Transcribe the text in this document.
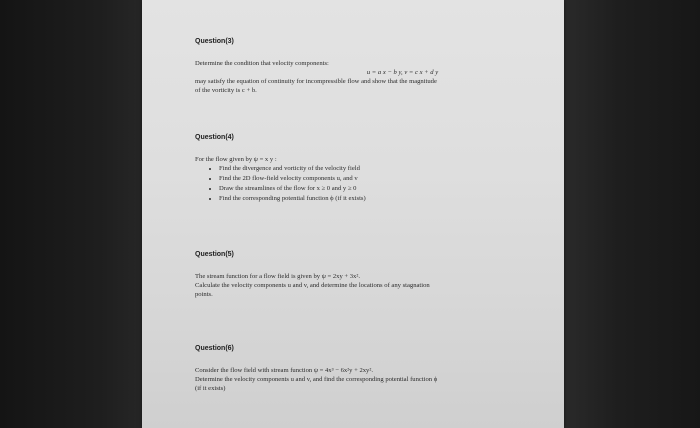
Question(3)
Determine the condition that velocity components:
u = a x − b y, v = c x + d y
may satisfy the equation of continuity for incompressible flow and show that the magnitude
of the vorticity is c + b.
Question(4)
For the flow given by ψ = x y :
• Find the divergence and vorticity of the velocity field
• Find the 2D flow-field velocity components u, and v
• Draw the streamlines of the flow for x ≥ 0 and y ≥ 0
• Find the corresponding potential function ϕ (if it exists)
Question(5)
The stream function for a flow field is given by ψ = 2xy + 3x².
Calculate the velocity components u and v, and determine the locations of any stagnation
points.
Question(6)
Consider the flow field with stream function ψ = 4x³ − 6x²y + 2xy².
Determine the velocity components u and v, and find the corresponding potential function ϕ
(if it exists)
